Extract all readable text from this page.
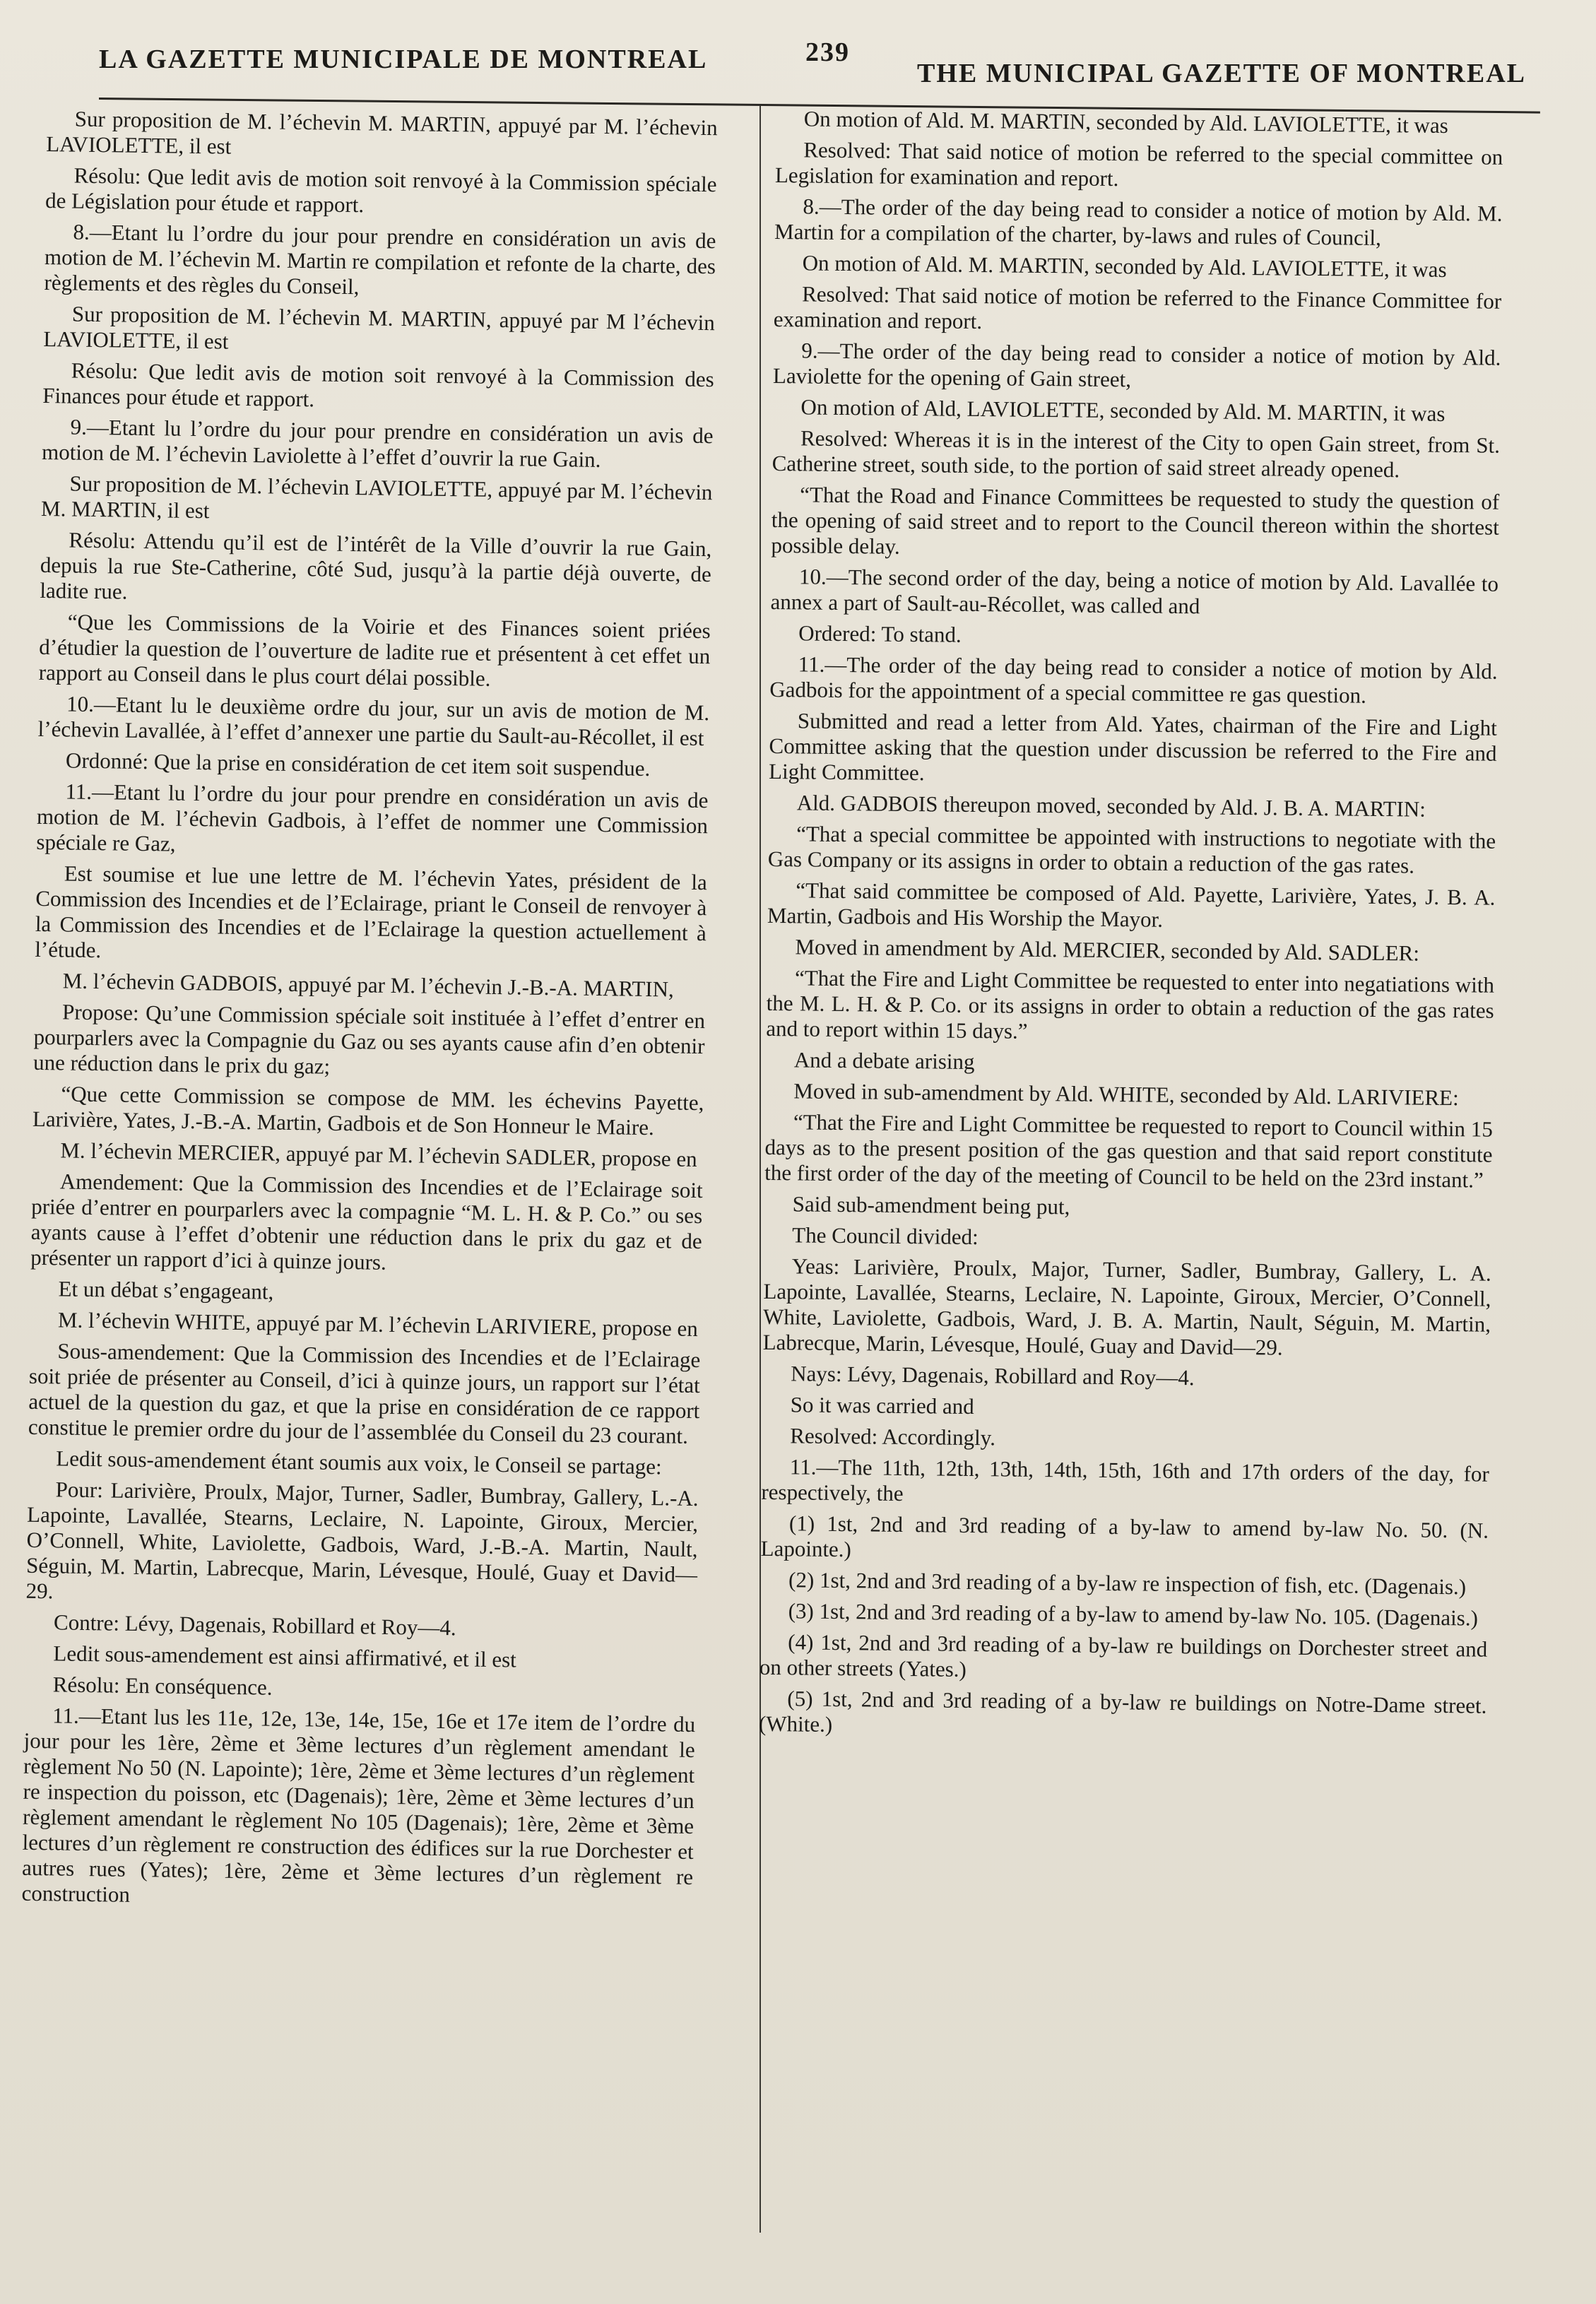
LA GAZETTE MUNICIPALE DE MONTREAL	239
THE MUNICIPAL GAZETTE OF MONTREAL

Sur proposition de M. l’échevin M. MARTIN, appuyé par M. l’échevin LAVIOLETTE, il est

Résolu: Que ledit avis de motion soit renvoyé à la Commission spéciale de Législation pour étude et rapport.

8.—Etant lu l’ordre du jour pour prendre en considération un avis de motion de M. l’échevin M. Martin re compilation et refonte de la charte, des règlements et des règles du Conseil,

Sur proposition de M. l’échevin M. MARTIN, appuyé par M l’échevin LAVIOLETTE, il est

Résolu: Que ledit avis de motion soit renvoyé à la Commission des Finances pour étude et rapport.

9.—Etant lu l’ordre du jour pour prendre en considération un avis de motion de M. l’échevin Laviolette à l’effet d’ouvrir la rue Gain.

Sur proposition de M. l’échevin LAVIOLETTE, appuyé par M. l’échevin M. MARTIN, il est

Résolu: Attendu qu’il est de l’intérêt de la Ville d’ouvrir la rue Gain, depuis la rue Ste-Catherine, côté Sud, jusqu’à la partie déjà ouverte, de ladite rue.

“Que les Commissions de la Voirie et des Finances soient priées d’étudier la question de l’ouverture de ladite rue et présentent à cet effet un rapport au Conseil dans le plus court délai possible.

10.—Etant lu le deuxième ordre du jour, sur un avis de motion de M. l’échevin Lavallée, à l’effet d’annexer une partie du Sault-au-Récollet, il est

Ordonné: Que la prise en considération de cet item soit suspendue.

11.—Etant lu l’ordre du jour pour prendre en considération un avis de motion de M. l’échevin Gadbois, à l’effet de nommer une Commission spéciale re Gaz,

Est soumise et lue une lettre de M. l’échevin Yates, président de la Commission des Incendies et de l’Eclairage, priant le Conseil de renvoyer à la Commission des Incendies et de l’Eclairage la question actuellement à l’étude.

M. l’échevin GADBOIS, appuyé par M. l’échevin J.-B.-A. MARTIN,

Propose: Qu’une Commission spéciale soit instituée à l’effet d’entrer en pourparlers avec la Compagnie du Gaz ou ses ayants cause afin d’en obtenir une réduction dans le prix du gaz;

“Que cette Commission se compose de MM. les échevins Payette, Larivière, Yates, J.-B.-A. Martin, Gadbois et de Son Honneur le Maire.

M. l’échevin MERCIER, appuyé par M. l’échevin SADLER, propose en

Amendement: Que la Commission des Incendies et de l’Eclairage soit priée d’entrer en pourparlers avec la compagnie “M. L. H. & P. Co.” ou ses ayants cause à l’effet d’obtenir une réduction dans le prix du gaz et de présenter un rapport d’ici à quinze jours.

Et un débat s’engageant,

M. l’échevin WHITE, appuyé par M. l’échevin LARIVIERE, propose en

Sous-amendement: Que la Commission des Incendies et de l’Eclairage soit priée de présenter au Conseil, d’ici à quinze jours, un rapport sur l’état actuel de la question du gaz, et que la prise en considération de ce rapport constitue le premier ordre du jour de l’assemblée du Conseil du 23 courant.

Ledit sous-amendement étant soumis aux voix, le Conseil se partage:

Pour: Larivière, Proulx, Major, Turner, Sadler, Bumbray, Gallery, L.-A. Lapointe, Lavallée, Stearns, Leclaire, N. Lapointe, Giroux, Mercier, O’Connell, White, Laviolette, Gadbois, Ward, J.-B.-A. Martin, Nault, Séguin, M. Martin, Labrecque, Marin, Lévesque, Houlé, Guay et David—29.

Contre: Lévy, Dagenais, Robillard et Roy—4.

Ledit sous-amendement est ainsi affirmativé, et il est

Résolu: En conséquence.

11.—Etant lus les 11e, 12e, 13e, 14e, 15e, 16e et 17e item de l’ordre du jour pour les 1ère, 2ème et 3ème lectures d’un règlement amendant le règlement No 50 (N. Lapointe); 1ère, 2ème et 3ème lectures d’un règlement re inspection du poisson, etc (Dagenais); 1ère, 2ème et 3ème lectures d’un règlement amendant le règlement No 105 (Dagenais); 1ère, 2ème et 3ème lectures d’un règlement re construction des édifices sur la rue Dorchester et autres rues (Yates); 1ère, 2ème et 3ème lectures d’un règlement re construction

On motion of Ald. M. MARTIN, seconded by Ald. LAVIOLETTE, it was

Resolved: That said notice of motion be referred to the special committee on Legislation for examination and report.

8.—The order of the day being read to consider a notice of motion by Ald. M. Martin for a compilation of the charter, by-laws and rules of Council,

On motion of Ald. M. MARTIN, seconded by Ald. LAVIOLETTE, it was

Resolved: That said notice of motion be referred to the Finance Committee for examination and report.

9.—The order of the day being read to consider a notice of motion by Ald. Laviolette for the opening of Gain street,

On motion of Ald, LAVIOLETTE, seconded by Ald. M. MARTIN, it was

Resolved: Whereas it is in the interest of the City to open Gain street, from St. Catherine street, south side, to the portion of said street already opened.

“That the Road and Finance Committees be requested to study the question of the opening of said street and to report to the Council thereon within the shortest possible delay.

10.—The second order of the day, being a notice of motion by Ald. Lavallée to annex a part of Sault-au-Récollet, was called and

Ordered: To stand.

11.—The order of the day being read to consider a notice of motion by Ald. Gadbois for the appointment of a special committee re gas question.

Submitted and read a letter from Ald. Yates, chairman of the Fire and Light Committee asking that the question under discussion be referred to the Fire and Light Committee.

Ald. GADBOIS thereupon moved, seconded by Ald. J. B. A. MARTIN:

“That a special committee be appointed with instructions to negotiate with the Gas Company or its assigns in order to obtain a reduction of the gas rates.

“That said committee be composed of Ald. Payette, Larivière, Yates, J. B. A. Martin, Gadbois and His Worship the Mayor.

Moved in amendment by Ald. MERCIER, seconded by Ald. SADLER:

“That the Fire and Light Committee be requested to enter into negatiations with the M. L. H. & P. Co. or its assigns in order to obtain a reduction of the gas rates and to report within 15 days.”

And a debate arising

Moved in sub-amendment by Ald. WHITE, seconded by Ald. LARIVIERE:

“That the Fire and Light Committee be requested to report to Council within 15 days as to the present position of the gas question and that said report constitute the first order of the day of the meeting of Council to be held on the 23rd instant.”

Said sub-amendment being put,

The Council divided:

Yeas: Larivière, Proulx, Major, Turner, Sadler, Bumbray, Gallery, L. A. Lapointe, Lavallée, Stearns, Leclaire, N. Lapointe, Giroux, Mercier, O’Connell, White, Laviolette, Gadbois, Ward, J. B. A. Martin, Nault, Séguin, M. Martin, Labrecque, Marin, Lévesque, Houlé, Guay and David—29.

Nays: Lévy, Dagenais, Robillard and Roy—4.

So it was carried and

Resolved: Accordingly.

11.—The 11th, 12th, 13th, 14th, 15th, 16th and 17th orders of the day, for respectively, the

(1) 1st, 2nd and 3rd reading of a by-law to amend by-law No. 50. (N. Lapointe.)

(2) 1st, 2nd and 3rd reading of a by-law re inspection of fish, etc. (Dagenais.)

(3) 1st, 2nd and 3rd reading of a by-law to amend by-law No. 105. (Dagenais.)

(4) 1st, 2nd and 3rd reading of a by-law re buildings on Dorchester street and on other streets (Yates.)

(5) 1st, 2nd and 3rd reading of a by-law re buildings on Notre-Dame street. (White.)
